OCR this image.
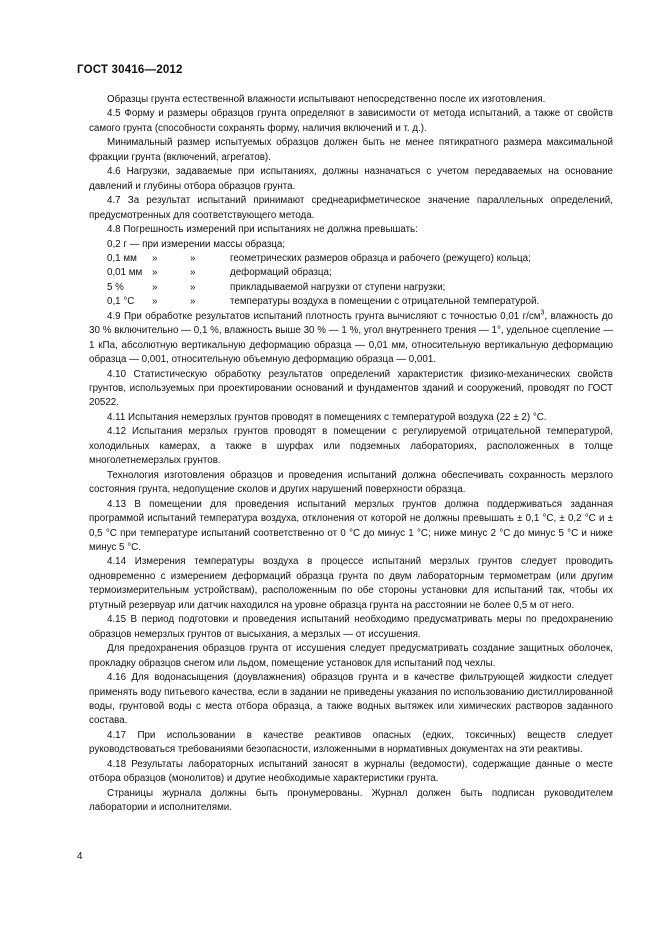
ГОСТ 30416—2012

Образцы грунта естественной влажности испытывают непосредственно после их изготовления.

4.5 Форму и размеры образцов грунта определяют в зависимости от метода испытаний, а также от свойств самого грунта (способности сохранять форму, наличия включений и т. д.).

Минимальный размер испытуемых образцов должен быть не менее пятикратного размера максимальной фракции грунта (включений, агрегатов).

4.6 Нагрузки, задаваемые при испытаниях, должны назначаться с учетом передаваемых на основание давлений и глубины отбора образцов грунта.

4.7 За результат испытаний принимают среднеарифметическое значение параллельных определений, предусмотренных для соответствующего метода.

4.8 Погрешность измерений при испытаниях не должна превышать:

0,2 г — при измерении массы образца;

0,1 мм	»	»	геометрических размеров образца и рабочего (режущего) кольца;
0,01 мм »	»	деформаций образца;
5 %	»	»	прикладываемой нагрузки от ступени нагрузки;
0,1 °С	»	»	температуры воздуха в помещении с отрицательной температурой.

4.9 При обработке результатов испытаний плотность грунта вычисляют с точностью 0,01 $г/см^3$, влажность до 30 % включительно — 0,1 %, влажность выше 30 % — 1 %, угол внутреннего трения — 1°, удельное сцепление — 1 кПа, абсолютную вертикальную деформацию образца — 0,01 мм, относительную вертикальную деформацию образца — 0,001, относительную объемную деформацию образца — 0,001.

4.10 Статистическую обработку результатов определений характеристик физико-механических свойств грунтов, используемых при проектировании оснований и фундаментов зданий и сооружений, проводят по ГОСТ 20522.

4.11 Испытания немерзлых грунтов проводят в помещениях с температурой воздуха (22 ± 2) °С.

4.12 Испытания мерзлых грунтов проводят в помещении с регулируемой отрицательной температурой, холодильных камерах, а также в шурфах или подземных лабораториях, расположенных в толще многолетнемерзлых грунтов.

Технология изготовления образцов и проведения испытаний должна обеспечивать сохранность мерзлого состояния грунта, недопущение сколов и других нарушений поверхности образца.

4.13 В помещении для проведения испытаний мерзлых грунтов должна поддерживаться заданная программой испытаний температура воздуха, отклонения от которой не должны превышать ± 0,1 °С, ± 0,2 °С и ± 0,5 °С при температуре испытаний соответственно от 0 °С до минус 1 °С; ниже минус 2 °С до минус 5 °С и ниже минус 5 °С.

4.14 Измерения температуры воздуха в процессе испытаний мерзлых грунтов следует проводить одновременно с измерением деформаций образца грунта по двум лабораторным термометрам (или другим термоизмерительным устройствам), расположенным по обе стороны установки для испытаний так, чтобы их ртутный резервуар или датчик находился на уровне образца грунта на расстоянии не более 0,5 м от него.

4.15 В период подготовки и проведения испытаний необходимо предусматривать меры по предохранению образцов немерзлых грунтов от высыхания, а мерзлых — от иссушения.

Для предохранения образцов грунта от иссушения следует предусматривать создание защитных оболочек, прокладку образцов снегом или льдом, помещение установок для испытаний под чехлы.

4.16 Для водонасыщения (доувлажнения) образцов грунта и в качестве фильтрующей жидкости следует применять воду питьевого качества, если в задании не приведены указания по использованию дистиллированной воды, грунтовой воды с места отбора образца, а также водных вытяжек или химических растворов заданного состава.

4.17 При использовании в качестве реактивов опасных (едких, токсичных) веществ следует руководствоваться требованиями безопасности, изложенными в нормативных документах на эти реактивы.

4.18 Результаты лабораторных испытаний заносят в журналы (ведомости), содержащие данные о месте отбора образцов (монолитов) и другие необходимые характеристики грунта.

Страницы журнала должны быть пронумерованы. Журнал должен быть подписан руководителем лаборатории и исполнителями.

4
